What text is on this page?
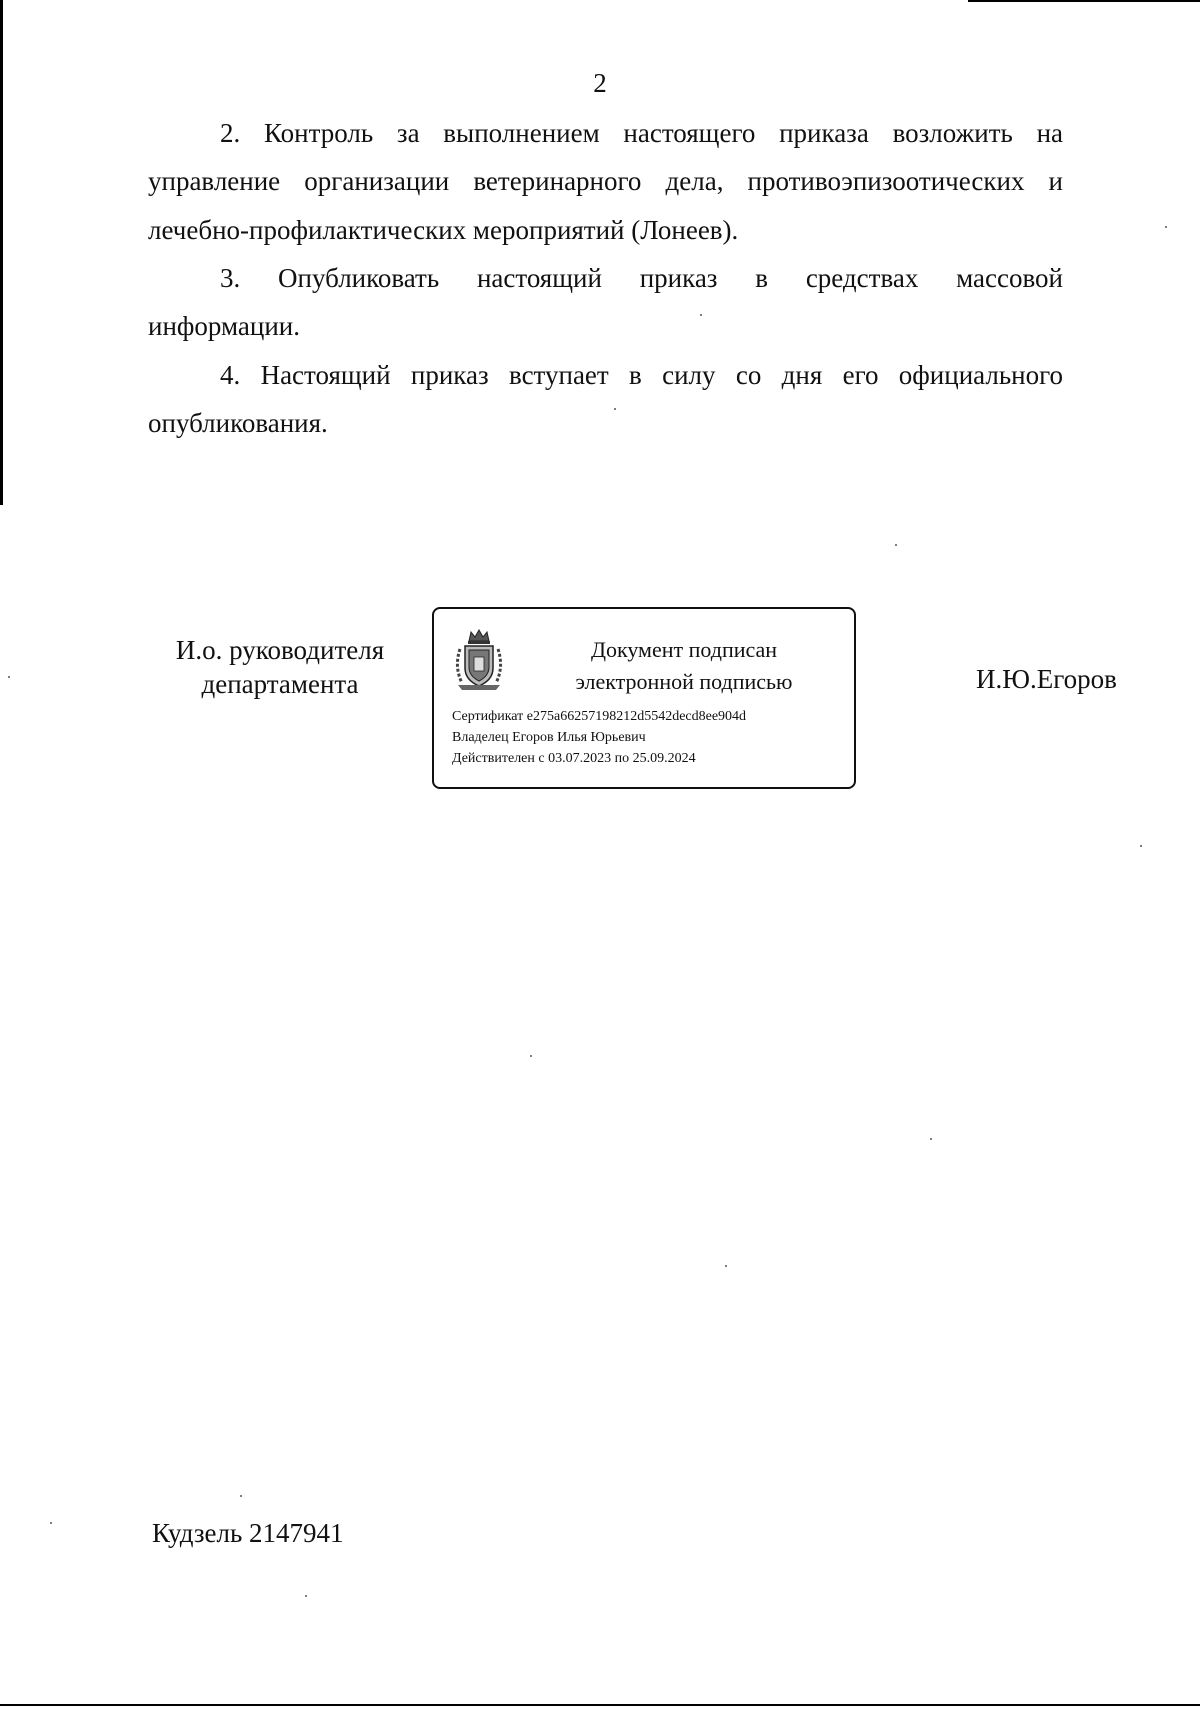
2
2. Контроль за выполнением настоящего приказа возложить на
управление организации ветеринарного дела, противоэпизоотических и
лечебно-профилактических мероприятий (Лонеев).
3. Опубликовать настоящий приказ в средствах массовой
информации.
4. Настоящий приказ вступает в силу со дня его официального
опубликования.
И.о. руководителя
департамента
Документ подписан
электронной подписью
Сертификат e275a66257198212d5542decd8ee904d
Владелец Егоров Илья Юрьевич
Действителен с 03.07.2023 по 25.09.2024
И.Ю.Егоров
Кудзель 2147941
